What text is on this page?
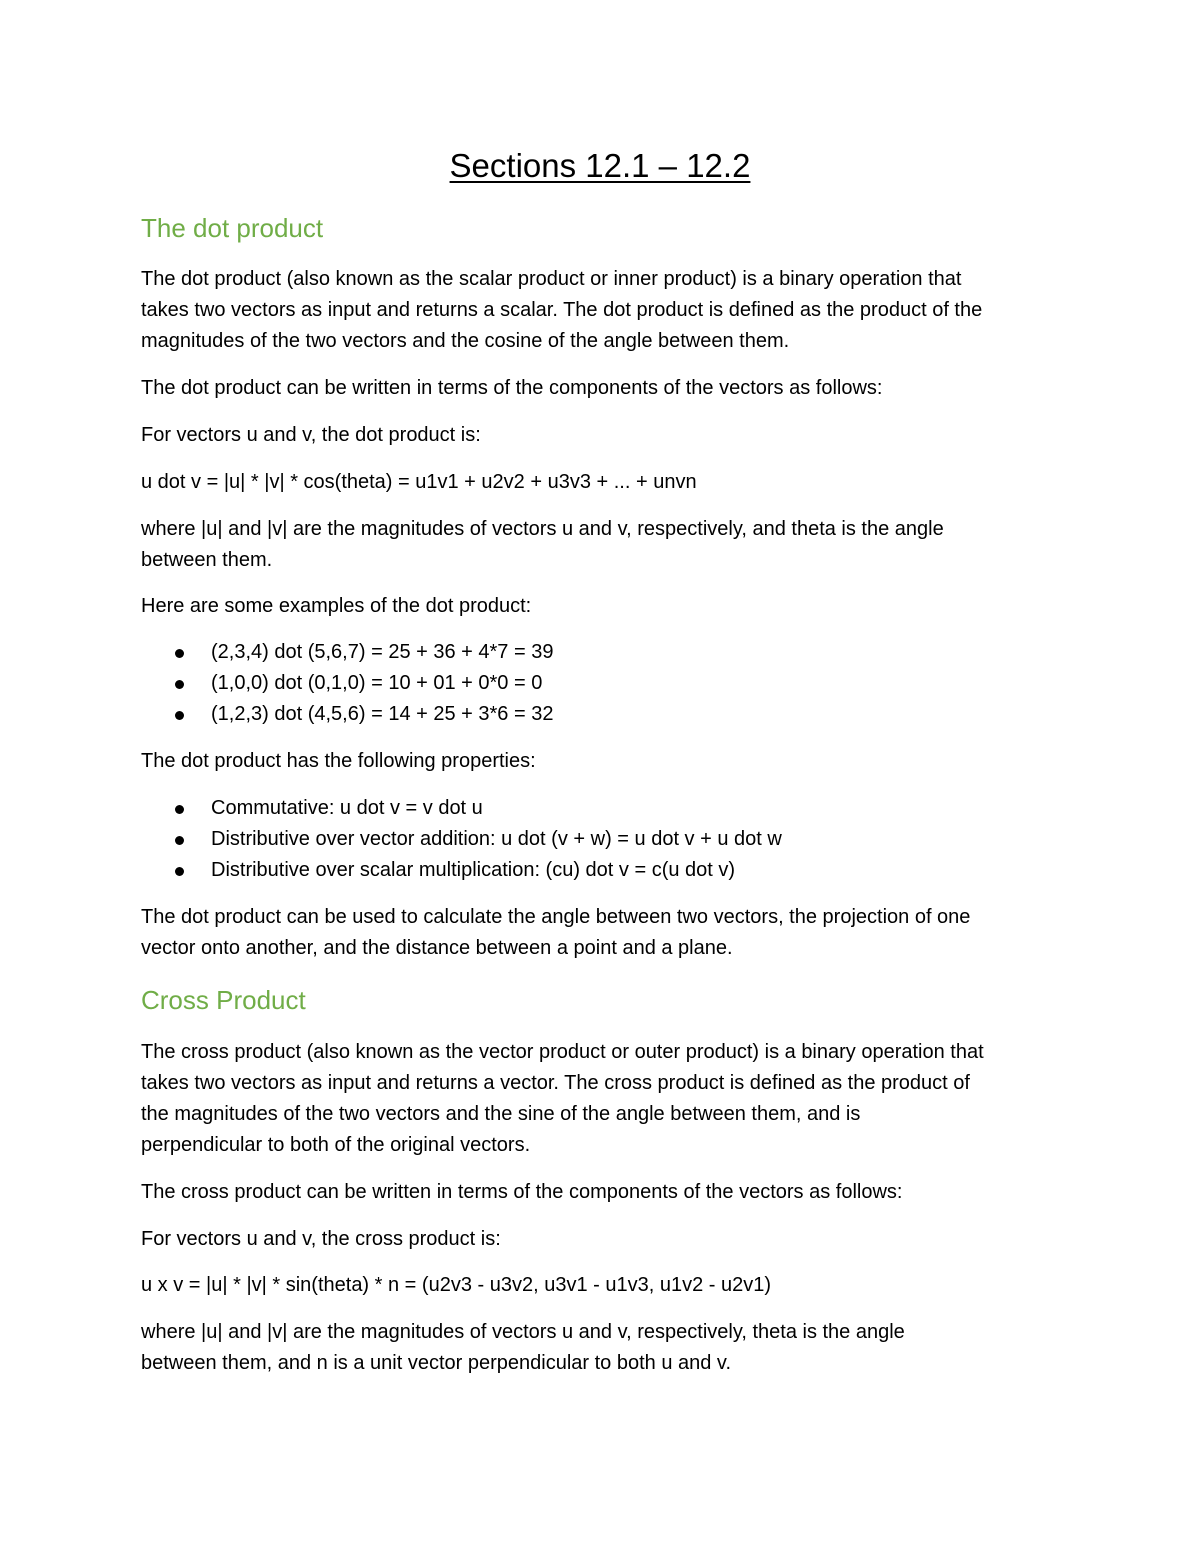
Sections 12.1 – 12.2
The dot product

The dot product (also known as the scalar product or inner product) is a binary operation that
takes two vectors as input and returns a scalar. The dot product is defined as the product of the
magnitudes of the two vectors and the cosine of the angle between them.

The dot product can be written in terms of the components of the vectors as follows:

For vectors u and v, the dot product is:

u dot v = |u| * |v| * cos(theta) = u1v1 + u2v2 + u3v3 + ... + unvn

where |u| and |v| are the magnitudes of vectors u and v, respectively, and theta is the angle
between them.

Here are some examples of the dot product:

(2,3,4) dot (5,6,7) = 25 + 36 + 4*7 = 39
(1,0,0) dot (0,1,0) = 10 + 01 + 0*0 = 0
(1,2,3) dot (4,5,6) = 14 + 25 + 3*6 = 32

The dot product has the following properties:

Commutative: u dot v = v dot u
Distributive over vector addition: u dot (v + w) = u dot v + u dot w
Distributive over scalar multiplication: (cu) dot v = c(u dot v)

The dot product can be used to calculate the angle between two vectors, the projection of one
vector onto another, and the distance between a point and a plane.

Cross Product

The cross product (also known as the vector product or outer product) is a binary operation that
takes two vectors as input and returns a vector. The cross product is defined as the product of
the magnitudes of the two vectors and the sine of the angle between them, and is
perpendicular to both of the original vectors.

The cross product can be written in terms of the components of the vectors as follows:

For vectors u and v, the cross product is:

u x v = |u| * |v| * sin(theta) * n = (u2v3 - u3v2, u3v1 - u1v3, u1v2 - u2v1)

where |u| and |v| are the magnitudes of vectors u and v, respectively, theta is the angle
between them, and n is a unit vector perpendicular to both u and v.
